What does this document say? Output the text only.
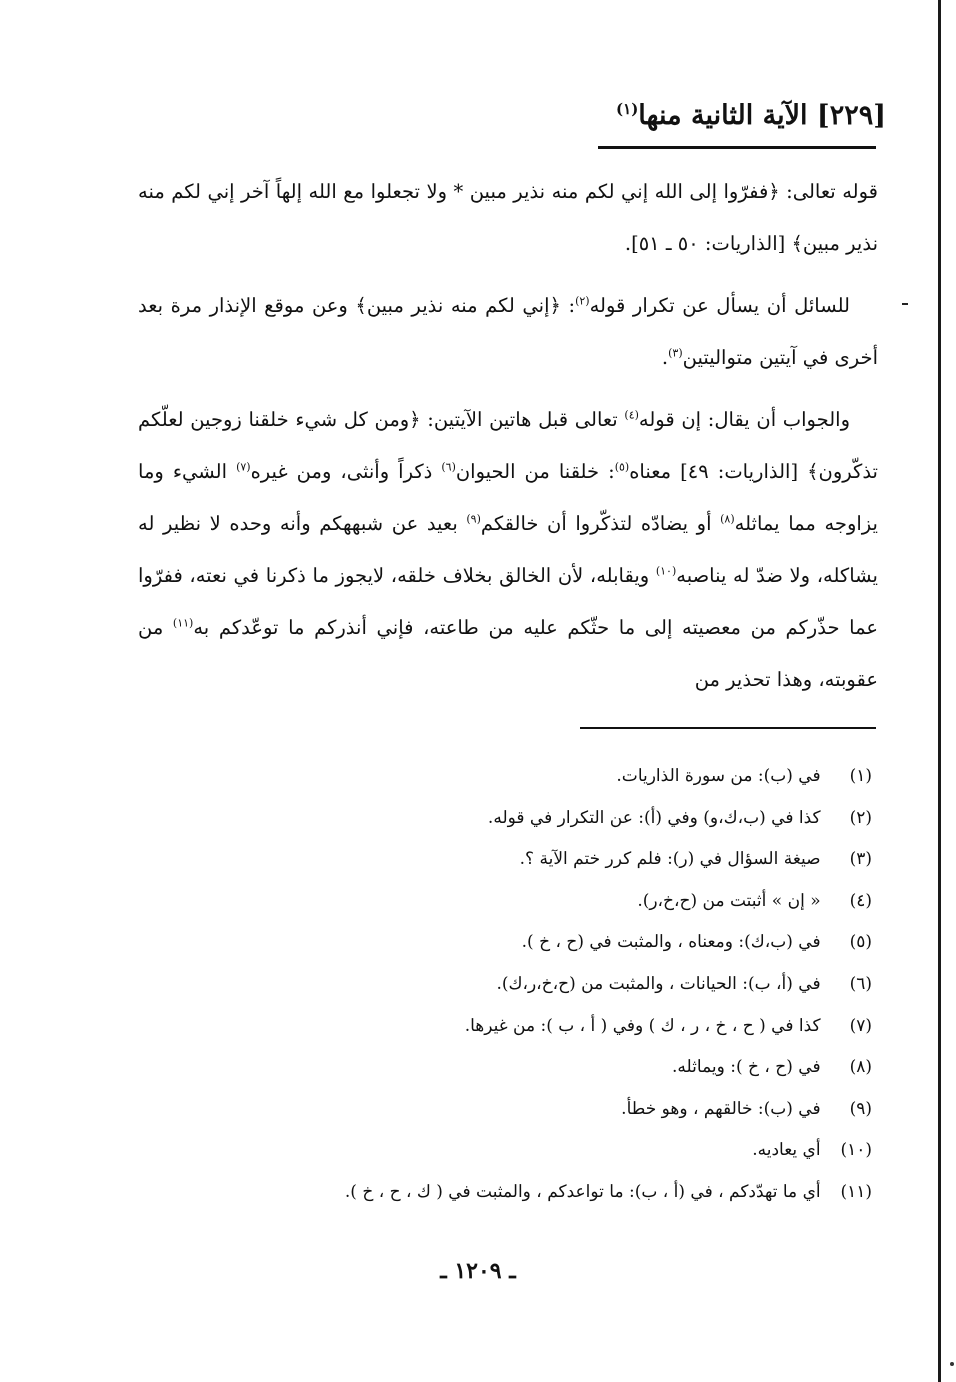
[٢٢٩] الآية الثانية منها$^{(١)}$

قوله تعالى: ﴿ففرّوا إلى الله إني لكم منه نذير مبين * ولا تجعلوا مع الله إلهاً آخر إني لكم منه نذير مبين﴾ [الذاريات: ٥٠ ـ ٥١].

للسائل أن يسأل عن تكرار قوله$^{(٢)}$: ﴿إني لكم منه نذير مبين﴾ وعن موقع الإنذار مرة بعد أخرى في آيتين متواليتين$^{(٣)}$.

والجواب أن يقال: إن قوله$^{(٤)}$ تعالى قبل هاتين الآيتين: ﴿ومن كل شيء خلقنا زوجين لعلّكم تذكّرون﴾ [الذاريات: ٤٩] معناه$^{(٥)}$: خلقنا من الحيوان$^{(٦)}$ ذكراً وأنثى، ومن غيره$^{(٧)}$ الشيء وما يزاوجه مما يماثله$^{(٨)}$ أو يضادّه لتذكّروا أن خالقكم$^{(٩)}$ بعيد عن شبههكم وأنه وحده لا نظير له يشاكله، ولا ضدّ له يناصبه$^{(١٠)}$ ويقابله، لأن الخالق بخلاف خلقه، لايجوز ما ذكرنا في نعته، ففرّوا عما حذّركم من معصيته إلى ما حثّكم عليه من طاعته، فإني أنذركم ما توعّدكم به$^{(١١)}$ من عقوبته، وهذا تحذير من

(١) في (ب): من سورة الذاريات.
(٢) كذا في (ب،ك،و) وفي (أ): عن التكرار في قوله.
(٣) صيغة السؤال في (ر): فلم كرر ختم الآية ؟.
(٤) « إن » أثبتت من (ح،خ،ر).
(٥) في (ب،ك): ومعناه ، والمثبت في (ح ، خ ).
(٦) في (أ، ب): الحيانات ، والمثبت من (ح،خ،ر،ك).
(٧) كذا في ( ح ، خ ، ر ، ك ) وفي ( أ ، ب ): من غيرها.
(٨) في (ح ، خ ): ويماثله.
(٩) في (ب): خالقهم ، وهو خطأ.
(١٠) أي يعاديه.
(١١) أي ما تهدّدكم ، في (أ ، ب): ما تواعدكم ، والمثبت في ( ك ، ح ، خ ).
ـ ١٢٠٩ ـ
